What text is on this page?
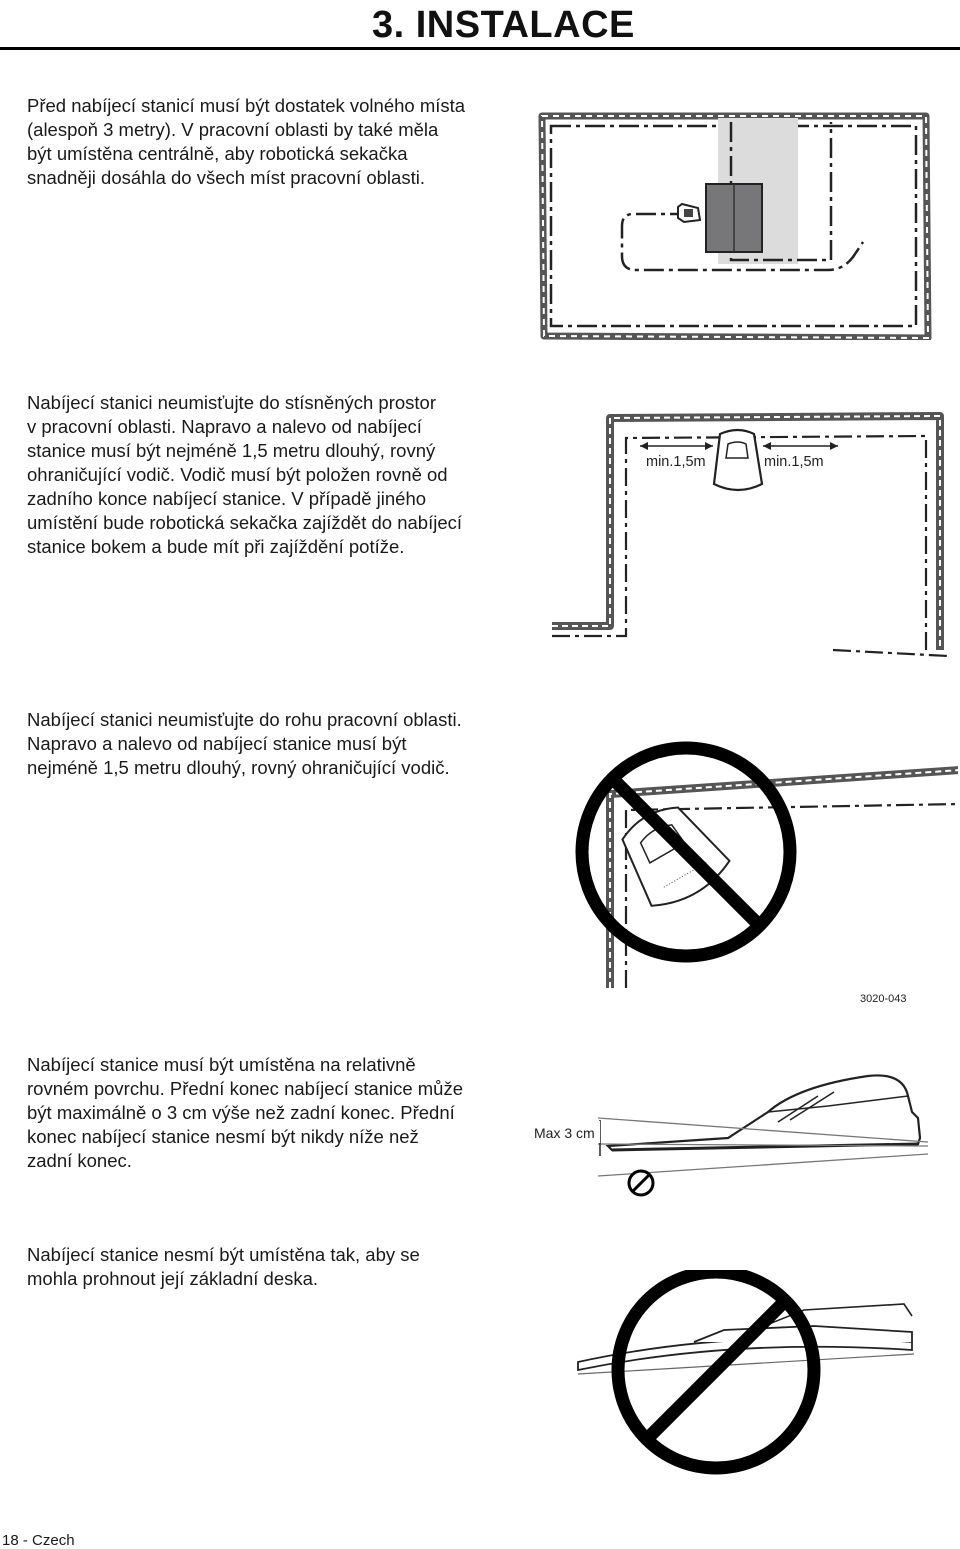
3. INSTALACE

Před nabíjecí stanicí musí být dostatek volného místa
(alespoň 3 metry). V pracovní oblasti by také měla
být umístěna centrálně, aby robotická sekačka
snadněji dosáhla do všech míst pracovní oblasti.

Nabíjecí stanici neumisťujte do stísněných prostor
v pracovní oblasti. Napravo a nalevo od nabíjecí
stanice musí být nejméně 1,5 metru dlouhý, rovný
ohraničující vodič. Vodič musí být položen rovně od
zadního konce nabíjecí stanice. V případě jiného
umístění bude robotická sekačka zajíždět do nabíjecí
stanice bokem a bude mít při zajíždění potíže.

min.1,5m	min.1,5m

Nabíjecí stanici neumisťujte do rohu pracovní oblasti.
Napravo a nalevo od nabíjecí stanice musí být
nejméně 1,5 metru dlouhý, rovný ohraničující vodič.

3020-043

Nabíjecí stanice musí být umístěna na relativně
rovném povrchu. Přední konec nabíjecí stanice může
být maximálně o 3 cm výše než zadní konec. Přední
konec nabíjecí stanice nesmí být nikdy níže než
zadní konec.

Max 3 cm

Nabíjecí stanice nesmí být umístěna tak, aby se
mohla prohnout její základní deska.

18 - Czech
